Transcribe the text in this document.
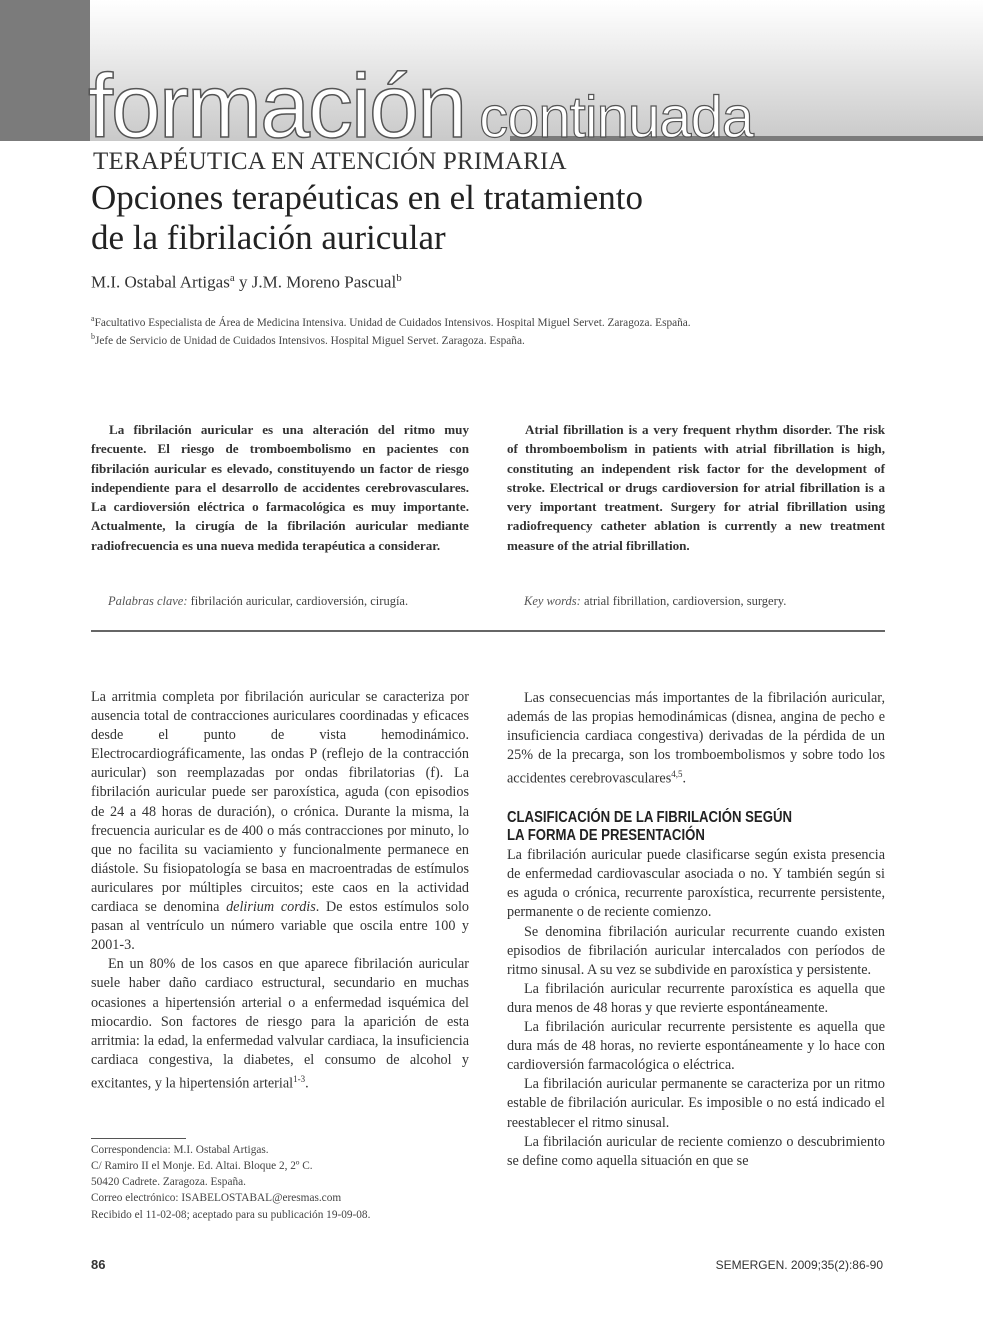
formación continuada
TERAPÉUTICA EN ATENCIÓN PRIMARIA
Opciones terapéuticas en el tratamiento
de la fibrilación auricular
M.I. Ostabal Artigas$^a$ y J.M. Moreno Pascual$^b$
$^a$Facultativo Especialista de Área de Medicina Intensiva. Unidad de Cuidados Intensivos. Hospital Miguel Servet. Zaragoza. España.
$^b$Jefe de Servicio de Unidad de Cuidados Intensivos. Hospital Miguel Servet. Zaragoza. España.
La fibrilación auricular es una alteración del ritmo muy frecuente. El riesgo de tromboembolismo en pacientes con fibrilación auricular es elevado, constituyendo un factor de riesgo independiente para el desarrollo de accidentes cerebrovasculares. La cardioversión eléctrica o farmacológica es muy importante. Actualmente, la cirugía de la fibrilación auricular mediante radiofrecuencia es una nueva medida terapéutica a considerar.
Atrial fibrillation is a very frequent rhythm disorder. The risk of thromboembolism in patients with atrial fibrillation is high, constituting an independent risk factor for the development of stroke. Electrical or drugs cardioversion for atrial fibrillation is a very important treatment. Surgery for atrial fibrillation using radiofrequency catheter ablation is currently a new treatment measure of the atrial fibrillation.
Palabras clave: fibrilación auricular, cardioversión, cirugía.	Key words: atrial fibrillation, cardioversion, surgery.

La arritmia completa por fibrilación auricular se caracteriza por ausencia total de contracciones auriculares coordinadas y eficaces desde el punto de vista hemodinámico. Electrocardiográficamente, las ondas P (reflejo de la contracción auricular) son reemplazadas por ondas fibrilatorias (f). La fibrilación auricular puede ser paroxística, aguda (con episodios de 24 a 48 horas de duración), o crónica. Durante la misma, la frecuencia auricular es de 400 o más contracciones por minuto, lo que no facilita su vaciamiento y funcionalmente permanece en diástole. Su fisiopatología se basa en macroentradas de estímulos auriculares por múltiples circuitos; este caos en la actividad cardiaca se denomina delirium cordis. De estos estímulos solo pasan al ventrículo un número variable que oscila entre 100 y 2001-3.

En un 80% de los casos en que aparece fibrilación auricular suele haber daño cardiaco estructural, secundario en muchas ocasiones a hipertensión arterial o a enfermedad isquémica del miocardio. Son factores de riesgo para la aparición de esta arritmia: la edad, la enfermedad valvular cardiaca, la insuficiencia cardiaca congestiva, la diabetes, el consumo de alcohol y excitantes, y la hipertensión arterial$^{1-3}$.

Las consecuencias más importantes de la fibrilación auricular, además de las propias hemodinámicas (disnea, angina de pecho e insuficiencia cardiaca congestiva) derivadas de la pérdida de un 25% de la precarga, son los tromboembolismos y sobre todo los accidentes cerebrovasculares$^{4,5}$.

CLASIFICACIÓN DE LA FIBRILACIÓN SEGÚN
LA FORMA DE PRESENTACIÓN

La fibrilación auricular puede clasificarse según exista presencia de enfermedad cardiovascular asociada o no. Y también según si es aguda o crónica, recurrente paroxística, recurrente persistente, permanente o de reciente comienzo.

Se denomina fibrilación auricular recurrente cuando existen episodios de fibrilación auricular intercalados con períodos de ritmo sinusal. A su vez se subdivide en paroxística y persistente.

La fibrilación auricular recurrente paroxística es aquella que dura menos de 48 horas y que revierte espontáneamente.

La fibrilación auricular recurrente persistente es aquella que dura más de 48 horas, no revierte espontáneamente y lo hace con cardioversión farmacológica o eléctrica.

La fibrilación auricular permanente se caracteriza por un ritmo estable de fibrilación auricular. Es imposible o no está indicado el reestablecer el ritmo sinusal.

La fibrilación auricular de reciente comienzo o descubrimiento se define como aquella situación en que se

Correspondencia: M.I. Ostabal Artigas.
C/ Ramiro II el Monje. Ed. Altai. Bloque 2, 2º C.
50420 Cadrete. Zaragoza. España.
Correo electrónico: ISABELOSTABAL@eresmas.com
Recibido el 11-02-08; aceptado para su publicación 19-09-08.
86	SEMERGEN. 2009;35(2):86-90
